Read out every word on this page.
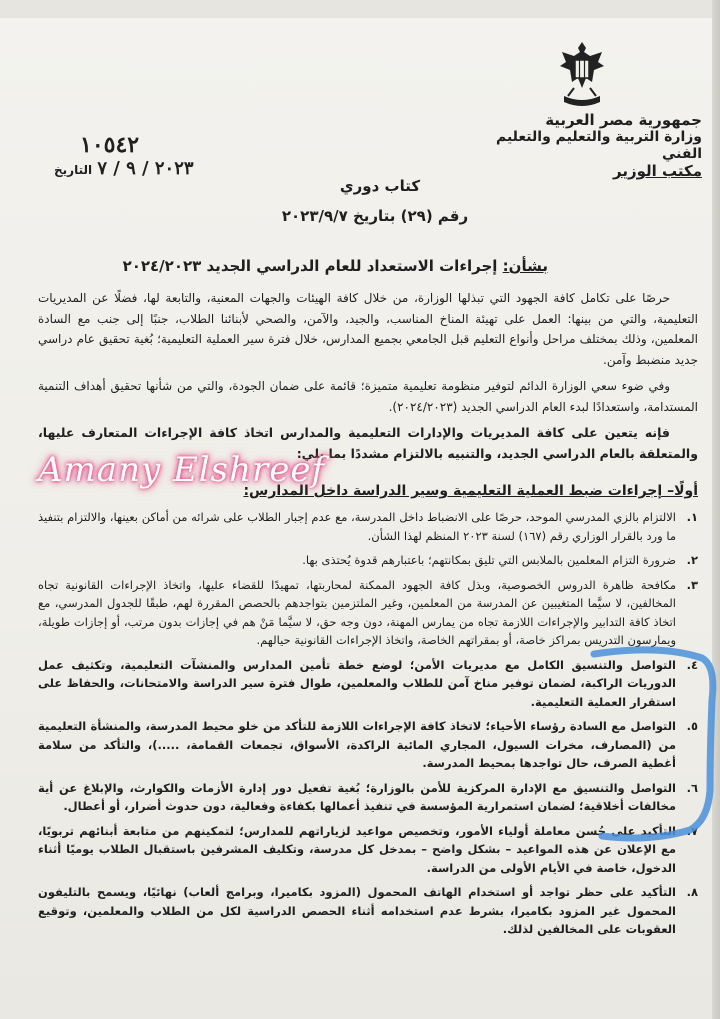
جمهورية مصر العربية
وزارة التربية والتعليم والتعليم الفني
مكتب الوزير
١٠٥٤٢
٢٠٢٣ / ٩ / ٧ التاريخ
كتاب دوري
رقم (٢٩) بتاريخ ٢٠٢٣/٩/٧
بشأن: إجراءات الاستعداد للعام الدراسي الجديد ٢٠٢٤/٢٠٢٣

حرصًا على تكامل كافة الجهود التي تبذلها الوزارة، من خلال كافة الهيئات والجهات المعنية، والتابعة لها، فضلًا عن المديريات التعليمية، والتي من بينها: العمل على تهيئة المناخ المناسب، والجيد، والآمن، والصحي لأبنائنا الطلاب، جنبًا إلى جنب مع السادة المعلمين، وذلك بمختلف مراحل وأنواع التعليم قبل الجامعي بجميع المدارس، خلال فترة سير العملية التعليمية؛ بُغية تحقيق عام دراسي جديد منضبط وآمن.

وفي ضوء سعي الوزارة الدائم لتوفير منظومة تعليمية متميزة؛ قائمة على ضمان الجودة، والتي من شأنها تحقيق أهداف التنمية المستدامة، واستعدادًا لبدء العام الدراسي الجديد (٢٠٢٤/٢٠٢٣).

فإنه يتعين على كافة المديريات والإدارات التعليمية والمدارس اتخاذ كافة الإجراءات المتعارف عليها، والمتعلقة بالعام الدراسي الجديد، والتنبيه بالالتزام مشددًا بما يلي:

أولًا– إجراءات ضبط العملية التعليمية وسير الدراسة داخل المدارس:
١.
الالتزام بالزي المدرسي الموحد، حرصًا على الانضباط داخل المدرسة، مع عدم إجبار الطلاب على شرائه من أماكن بعينها، والالتزام بتنفيذ ما ورد بالقرار الوزاري رقم (١٦٧) لسنة ٢٠٢٣ المنظم لهذا الشأن.
٢.
ضرورة التزام المعلمين بالملابس التي تليق بمكانتهم؛ باعتبارهم قدوة يُحتذى بها.
٣.
مكافحة ظاهرة الدروس الخصوصية، وبذل كافة الجهود الممكنة لمحاربتها، تمهيدًا للقضاء عليها، واتخاذ الإجراءات القانونية تجاه المخالفين، لا سيَّما المتغيبين عن المدرسة من المعلمين، وغير الملتزمين بتواجدهم بالحصص المقررة لهم، طبقًا للجدول المدرسي، مع اتخاذ كافة التدابير والإجراءات اللازمة تجاه من يمارس المهنة، دون وجه حق، لا سيَّما مَنْ هم في إجازات بدون مرتب، أو إجازات طويلة، ويمارسون التدريس بمراكز خاصة، أو بمقراتهم الخاصة، واتخاذ الإجراءات القانونية حيالهم.
٤.
التواصل والتنسيق الكامل مع مديريات الأمن؛ لوضع خطة تأمين المدارس والمنشآت التعليمية، وتكثيف عمل الدوريات الراكبة، لضمان توفير مناخ آمن للطلاب والمعلمين، طوال فترة سير الدراسة والامتحانات، والحفاظ على استقرار العملية التعليمية.
٥.
التواصل مع السادة رؤساء الأحياء؛ لاتخاذ كافة الإجراءات اللازمة للتأكد من خلو محيط المدرسة، والمنشأة التعليمية من (المصارف، مخرات السيول، المجاري المائية الراكدة، الأسواق، تجمعات القمامة، .....)، والتأكد من سلامة أغطية الصرف، حال تواجدها بمحيط المدرسة.
٦.
التواصل والتنسيق مع الإدارة المركزية للأمن بالوزارة؛ بُغية تفعيل دور إدارة الأزمات والكوارث، والإبلاغ عن أية مخالفات أخلاقية؛ لضمان استمرارية المؤسسة في تنفيذ أعمالها بكفاءة وفعالية، دون حدوث أضرار، أو أعطال.
٧.
التأكيد على حُسن معاملة أولياء الأمور، وتخصيص مواعيد لزياراتهم للمدارس؛ لتمكينهم من متابعة أبنائهم تربويًا، مع الإعلان عن هذه المواعيد – بشكل واضح – بمدخل كل مدرسة، وتكليف المشرفين باستقبال الطلاب يوميًا أثناء الدخول، خاصة في الأيام الأولى من الدراسة.
٨.
التأكيد على حظر تواجد أو استخدام الهاتف المحمول (المزود بكاميرا، وبرامج ألعاب) نهائيًا، ويسمح بالتليفون المحمول غير المزود بكاميرا، بشرط عدم استخدامه أثناء الحصص الدراسية لكل من الطلاب والمعلمين، وتوقيع العقوبات على المخالفين لذلك.
Amany Elshreef
